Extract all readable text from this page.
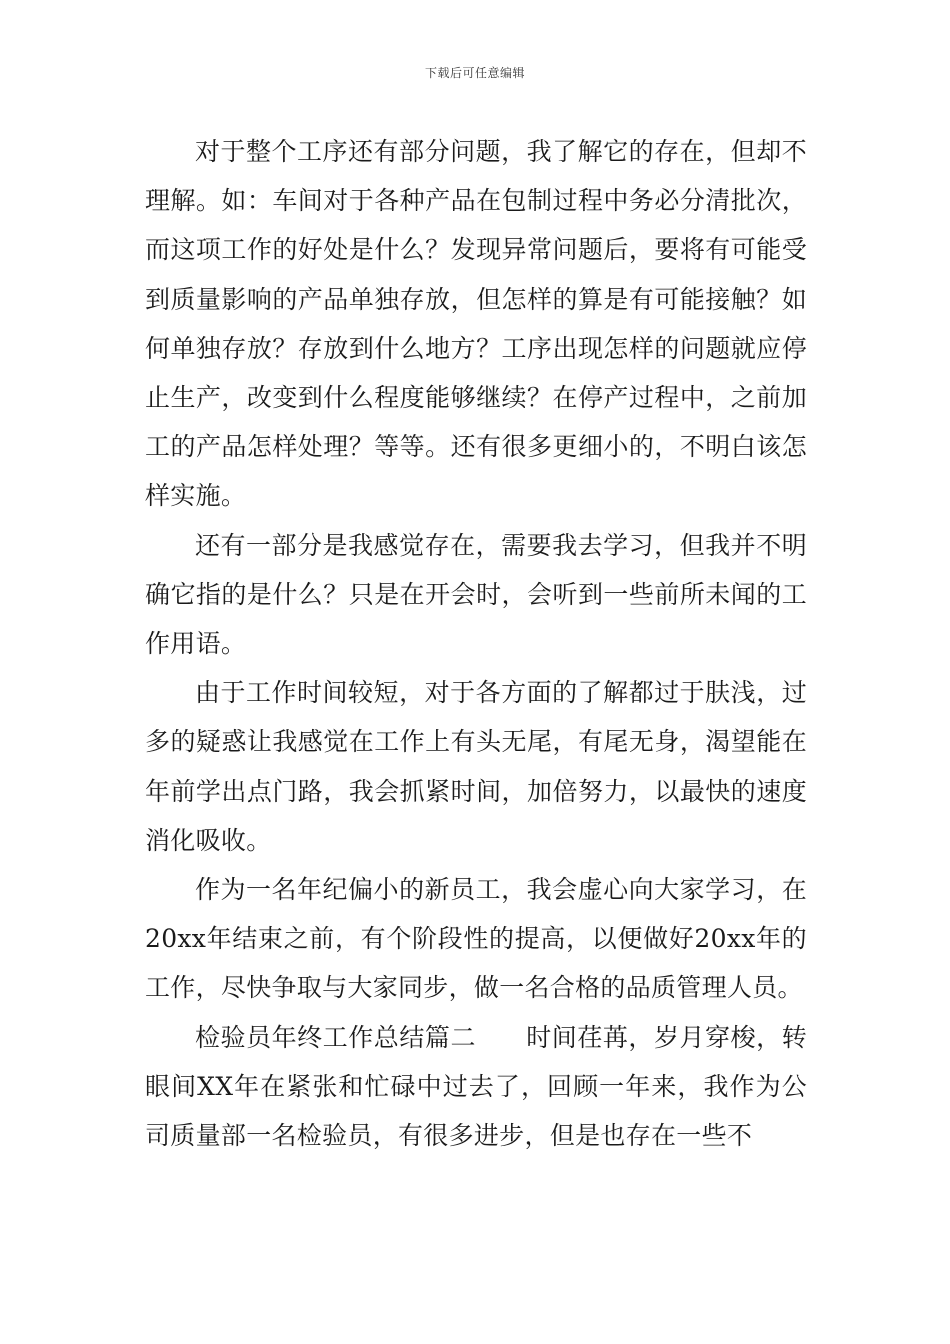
下载后可任意编辑

对于整个工序还有部分问题，我了解它的存在，但却不理解。如：车间对于各种产品在包制过程中务必分清批次，而这项工作的好处是什么？发现异常问题后，要将有可能受到质量影响的产品单独存放，但怎样的算是有可能接触？如何单独存放？存放到什么地方？工序出现怎样的问题就应停止生产，改变到什么程度能够继续？在停产过程中，之前加工的产品怎样处理？等等。还有很多更细小的，不明白该怎样实施。

还有一部分是我感觉存在，需要我去学习，但我并不明确它指的是什么？只是在开会时，会听到一些前所未闻的工作用语。

由于工作时间较短，对于各方面的了解都过于肤浅，过多的疑惑让我感觉在工作上有头无尾，有尾无身，渴望能在年前学出点门路，我会抓紧时间，加倍努力，以最快的速度消化吸收。

作为一名年纪偏小的新员工，我会虚心向大家学习，在20xx年结束之前，有个阶段性的提高，以便做好20xx年的工作，尽快争取与大家同步，做一名合格的品质管理人员。

检验员年终工作总结篇二 时间荏苒，岁月穿梭，转眼间XX年在紧张和忙碌中过去了，回顾一年来，我作为公司质量部一名检验员，有很多进步，但是也存在一些不
